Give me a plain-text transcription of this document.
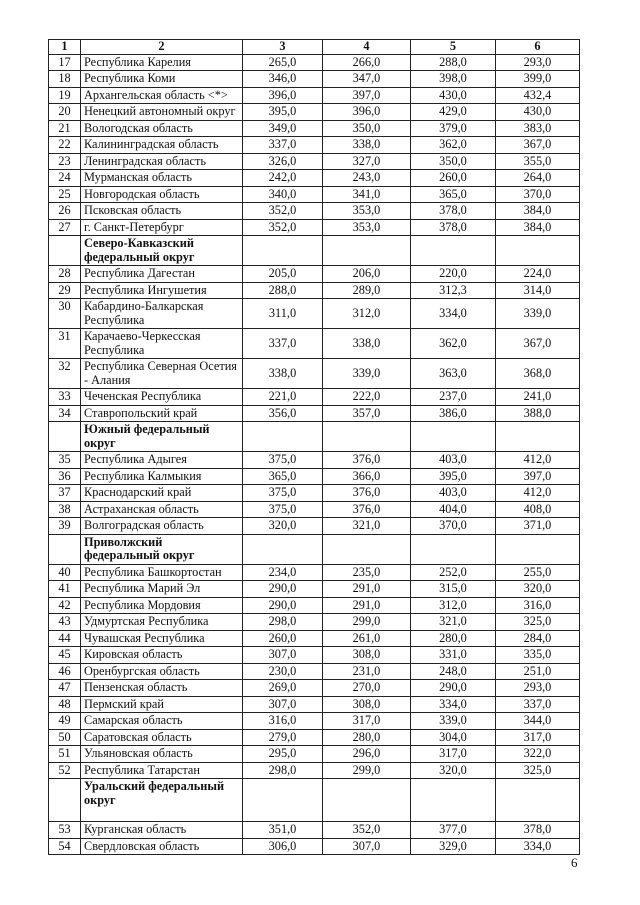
1	2	3	4	5	6
17	Республика Карелия	265,0	266,0	288,0	293,0
18	Республика Коми	346,0	347,0	398,0	399,0
19	Архангельская область <*>	396,0	397,0	430,0	432,4
20	Ненецкий автономный округ	395,0	396,0	429,0	430,0
21	Вологодская область	349,0	350,0	379,0	383,0
22	Калининградская область	337,0	338,0	362,0	367,0
23	Ленинградская область	326,0	327,0	350,0	355,0
24	Мурманская область	242,0	243,0	260,0	264,0
25	Новгородская область	340,0	341,0	365,0	370,0
26	Псковская область	352,0	353,0	378,0	384,0
27	г. Санкт-Петербург	352,0	353,0	378,0	384,0
	Северо-Кавказский федеральный округ				
28	Республика Дагестан	205,0	206,0	220,0	224,0
29	Республика Ингушетия	288,0	289,0	312,3	314,0
30	Кабардино-Балкарская Республика	311,0	312,0	334,0	339,0
31	Карачаево-Черкесская Республика	337,0	338,0	362,0	367,0
32	Республика Северная Осетия - Алания	338,0	339,0	363,0	368,0
33	Чеченская Республика	221,0	222,0	237,0	241,0
34	Ставропольский край	356,0	357,0	386,0	388,0
	Южный федеральный округ				
35	Республика Адыгея	375,0	376,0	403,0	412,0
36	Республика Калмыкия	365,0	366,0	395,0	397,0
37	Краснодарский край	375,0	376,0	403,0	412,0
38	Астраханская область	375,0	376,0	404,0	408,0
39	Волгоградская область	320,0	321,0	370,0	371,0
	Приволжский федеральный округ				
40	Республика Башкортостан	234,0	235,0	252,0	255,0
41	Республика Марий Эл	290,0	291,0	315,0	320,0
42	Республика Мордовия	290,0	291,0	312,0	316,0
43	Удмуртская Республика	298,0	299,0	321,0	325,0
44	Чувашская Республика	260,0	261,0	280,0	284,0
45	Кировская область	307,0	308,0	331,0	335,0
46	Оренбургская область	230,0	231,0	248,0	251,0
47	Пензенская область	269,0	270,0	290,0	293,0
48	Пермский край	307,0	308,0	334,0	337,0
49	Самарская область	316,0	317,0	339,0	344,0
50	Саратовская область	279,0	280,0	304,0	317,0
51	Ульяновская область	295,0	296,0	317,0	322,0
52	Республика Татарстан	298,0	299,0	320,0	325,0
	Уральский федеральный округ				
53	Курганская область	351,0	352,0	377,0	378,0
54	Свердловская область	306,0	307,0	329,0	334,0
6
